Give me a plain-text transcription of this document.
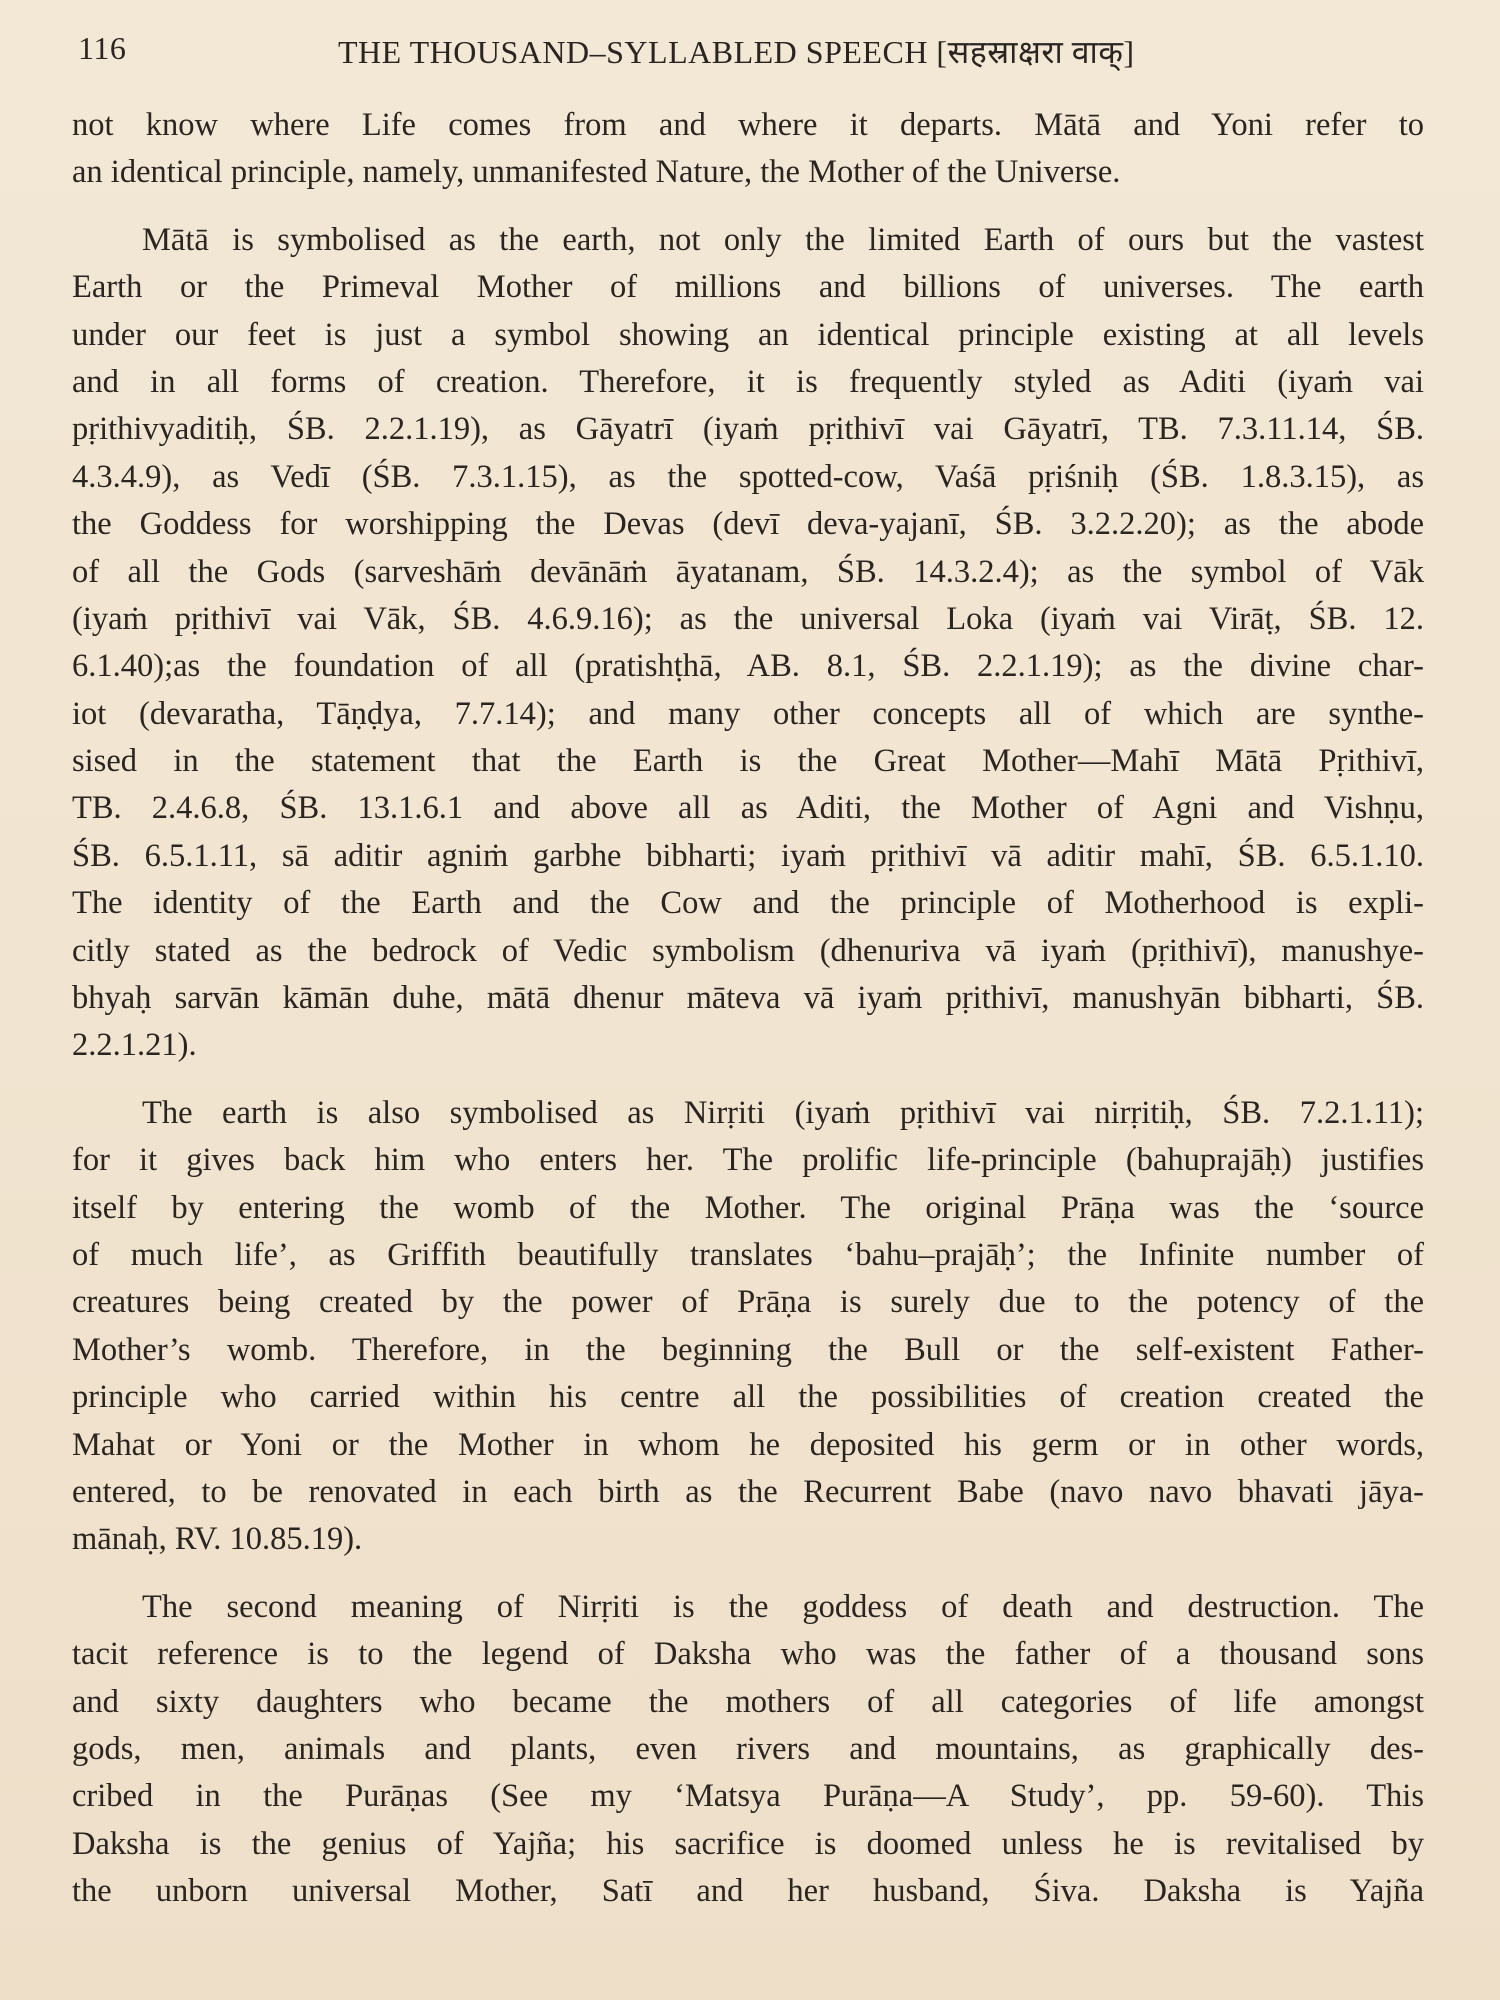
116	THE THOUSAND–SYLLABLED SPEECH [सहस्राक्षरा वाक्]
not know where Life comes from and where it departs. Mātā and Yoni refer to
an identical principle, namely, unmanifested Nature, the Mother of the Universe.
Mātā is symbolised as the earth, not only the limited Earth of ours but the vastest
Earth or the Primeval Mother of millions and billions of universes. The earth
under our feet is just a symbol showing an identical principle existing at all levels
and in all forms of creation. Therefore, it is frequently styled as Aditi (iyaṁ vai
pṛithivyaditiḥ, ŚB. 2.2.1.19), as Gāyatrī (iyaṁ pṛithivī vai Gāyatrī, TB. 7.3.11.14, ŚB.
4.3.4.9), as Vedī (ŚB. 7.3.1.15), as the spotted-cow, Vaśā pṛiśniḥ (ŚB. 1.8.3.15), as
the Goddess for worshipping the Devas (devī deva-yajanī, ŚB. 3.2.2.20); as the abode
of all the Gods (sarveshāṁ devānāṁ āyatanam, ŚB. 14.3.2.4); as the symbol of Vāk
(iyaṁ pṛithivī vai Vāk, ŚB. 4.6.9.16); as the universal Loka (iyaṁ vai Virāṭ, ŚB. 12.
6.1.40);as the foundation of all (pratishṭhā, AB. 8.1, ŚB. 2.2.1.19); as the divine char-
iot (devaratha, Tāṇḍya, 7.7.14); and many other concepts all of which are synthe-
sised in the statement that the Earth is the Great Mother—Mahī Mātā Pṛithivī,
TB. 2.4.6.8, ŚB. 13.1.6.1 and above all as Aditi, the Mother of Agni and Vishṇu,
ŚB. 6.5.1.11, sā aditir agniṁ garbhe bibharti; iyaṁ pṛithivī vā aditir mahī, ŚB. 6.5.1.10.
The identity of the Earth and the Cow and the principle of Motherhood is expli-
citly stated as the bedrock of Vedic symbolism (dhenuriva vā iyaṁ (pṛithivī), manushye-
bhyaḥ sarvān kāmān duhe, mātā dhenur māteva vā iyaṁ pṛithivī, manushyān bibharti, ŚB.
2.2.1.21).
The earth is also symbolised as Nirṛiti (iyaṁ pṛithivī vai nirṛitiḥ, ŚB. 7.2.1.11);
for it gives back him who enters her. The prolific life-principle (bahuprajāḥ) justifies
itself by entering the womb of the Mother. The original Prāṇa was the ‘source
of much life’, as Griffith beautifully translates ‘bahu–prajāḥ’; the Infinite number of
creatures being created by the power of Prāṇa is surely due to the potency of the
Mother’s womb. Therefore, in the beginning the Bull or the self-existent Father-
principle who carried within his centre all the possibilities of creation created the
Mahat or Yoni or the Mother in whom he deposited his germ or in other words,
entered, to be renovated in each birth as the Recurrent Babe (navo navo bhavati jāya-
mānaḥ, RV. 10.85.19).
The second meaning of Nirṛiti is the goddess of death and destruction. The
tacit reference is to the legend of Daksha who was the father of a thousand sons
and sixty daughters who became the mothers of all categories of life amongst
gods, men, animals and plants, even rivers and mountains, as graphically des-
cribed in the Purāṇas (See my ‘Matsya Purāṇa—A Study’, pp. 59-60). This
Daksha is the genius of Yajña; his sacrifice is doomed unless he is revitalised by
the unborn universal Mother, Satī and her husband, Śiva. Daksha is Yajña
